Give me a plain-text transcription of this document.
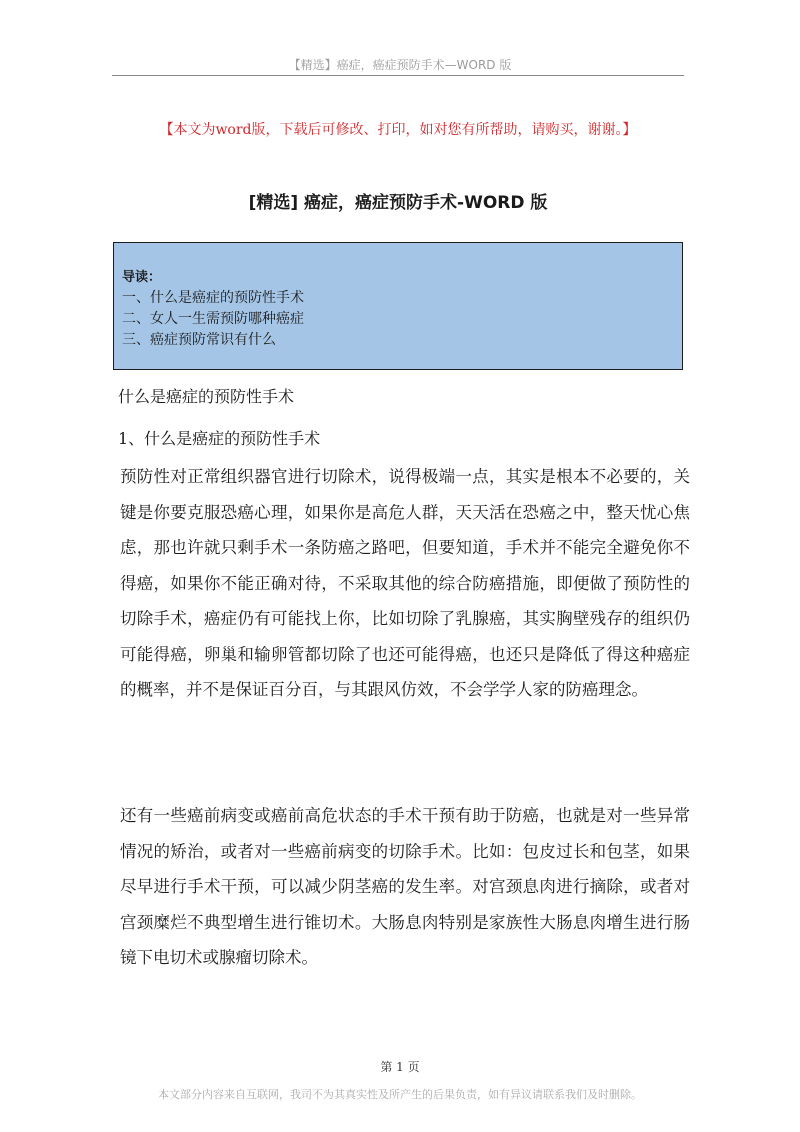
【精选】癌症，癌症预防手术—WORD 版
【本文为word版，下载后可修改、打印，如对您有所帮助，请购买，谢谢。】
[精选] 癌症，癌症预防手术-WORD 版
导读：
一、什么是癌症的预防性手术
二、女人一生需预防哪种癌症
三、癌症预防常识有什么
什么是癌症的预防性手术
1、什么是癌症的预防性手术
预防性对正常组织器官进行切除术，说得极端一点，其实是根本不必要的，关键是你要克服恐癌心理，如果你是高危人群，天天活在恐癌之中，整天忧心焦虑，那也许就只剩手术一条防癌之路吧，但要知道，手术并不能完全避免你不得癌，如果你不能正确对待，不采取其他的综合防癌措施，即便做了预防性的切除手术，癌症仍有可能找上你，比如切除了乳腺癌，其实胸壁残存的组织仍可能得癌，卵巢和输卵管都切除了也还可能得癌，也还只是降低了得这种癌症的概率，并不是保证百分百，与其跟风仿效，不会学学人家的防癌理念。
还有一些癌前病变或癌前高危状态的手术干预有助于防癌，也就是对一些异常情况的矫治，或者对一些癌前病变的切除手术。比如：包皮过长和包茎，如果尽早进行手术干预，可以减少阴茎癌的发生率。对宫颈息肉进行摘除，或者对宫颈糜烂不典型增生进行锥切术。大肠息肉特别是家族性大肠息肉增生进行肠镜下电切术或腺瘤切除术。
第 1 页
本文部分内容来自互联网，我司不为其真实性及所产生的后果负责，如有异议请联系我们及时删除。
